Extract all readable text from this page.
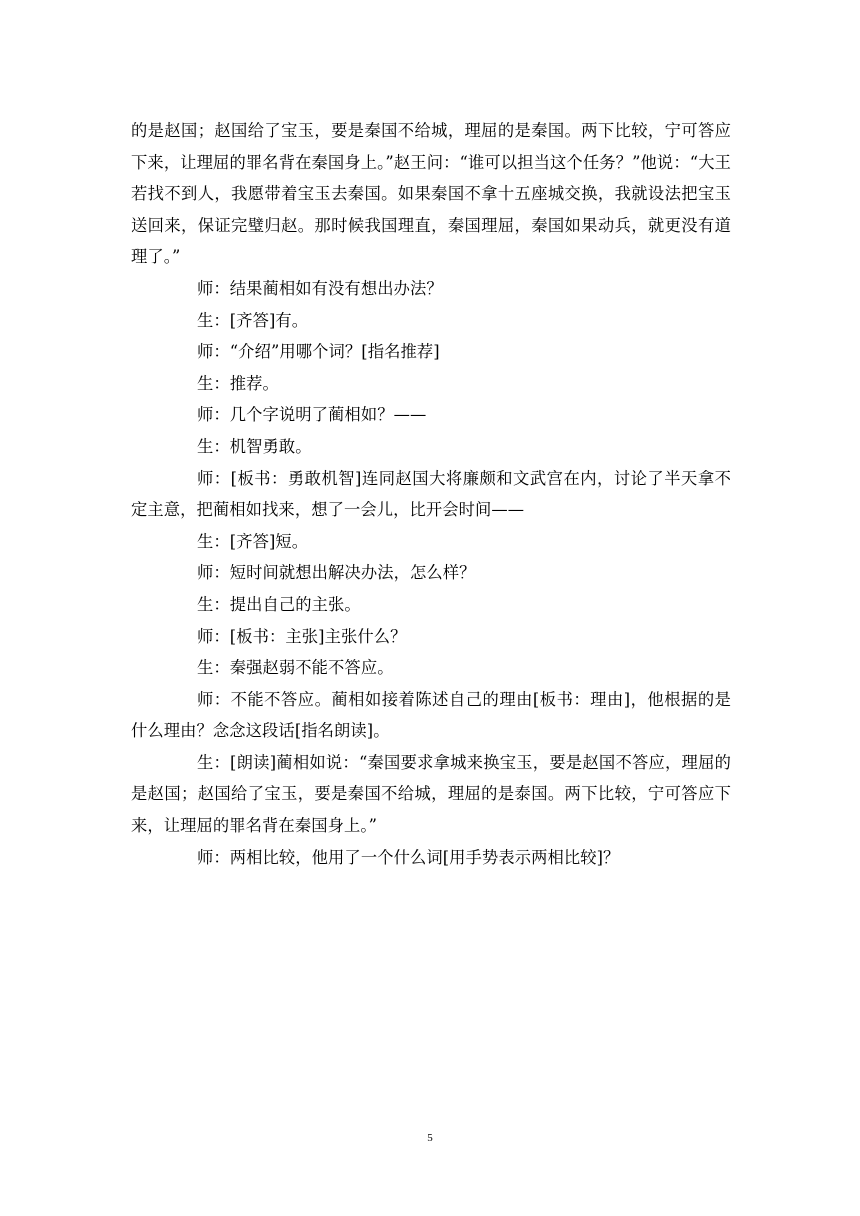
的是赵国；赵国给了宝玉，要是秦国不给城，理屈的是秦国。两下比较，宁可答应下来，让理屈的罪名背在秦国身上。”赵王问：“谁可以担当这个任务？”他说：“大王若找不到人，我愿带着宝玉去秦国。如果秦国不拿十五座城交换，我就设法把宝玉送回来，保证完璧归赵。那时候我国理直，秦国理屈，秦国如果动兵，就更没有道理了。”

师：结果蔺相如有没有想出办法？

生：[齐答]有。

师：“介绍”用哪个词？[指名推荐]

生：推荐。

师：几个字说明了蔺相如？——

生：机智勇敢。

师：[板书：勇敢机智]连同赵国大将廉颇和文武宫在内，讨论了半天拿不定主意，把蔺相如找来，想了一会儿，比开会时间——

生：[齐答]短。

师：短时间就想出解决办法，怎么样？

生：提出自己的主张。

师：[板书：主张]主张什么？

生：秦强赵弱不能不答应。

师：不能不答应。蔺相如接着陈述自己的理由[板书：理由]，他根据的是什么理由？念念这段话[指名朗读]。

生：[朗读]蔺相如说：“秦国要求拿城来换宝玉，要是赵国不答应，理屈的是赵国；赵国给了宝玉，要是秦国不给城，理屈的是泰国。两下比较，宁可答应下来，让理屈的罪名背在秦国身上。”

师：两相比较，他用了一个什么词[用手势表示两相比较]？

5
